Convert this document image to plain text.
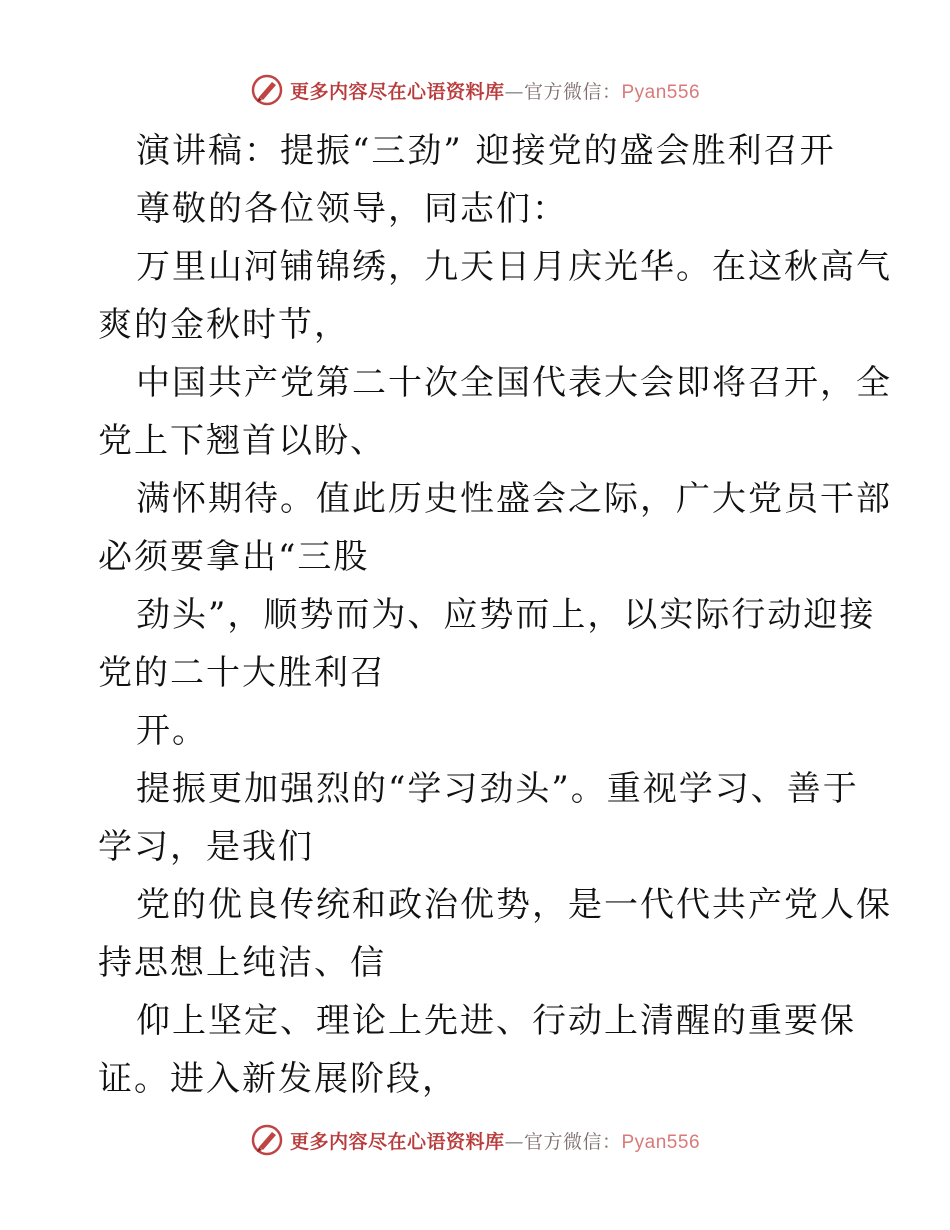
更多内容尽在心语资料库—官方微信：Pyan556
演讲稿：提振“三劲” 迎接党的盛会胜利召开
尊敬的各位领导，同志们：
万里山河铺锦绣，九天日月庆光华。在这秋高气
爽的金秋时节，
中国共产党第二十次全国代表大会即将召开，全
党上下翘首以盼、
满怀期待。值此历史性盛会之际，广大党员干部
必须要拿出“三股
劲头”，顺势而为、应势而上，以实际行动迎接
党的二十大胜利召
开。
提振更加强烈的“学习劲头”。重视学习、善于
学习，是我们
党的优良传统和政治优势，是一代代共产党人保
持思想上纯洁、信
仰上坚定、理论上先进、行动上清醒的重要保
证。进入新发展阶段，
更多内容尽在心语资料库—官方微信：Pyan556
